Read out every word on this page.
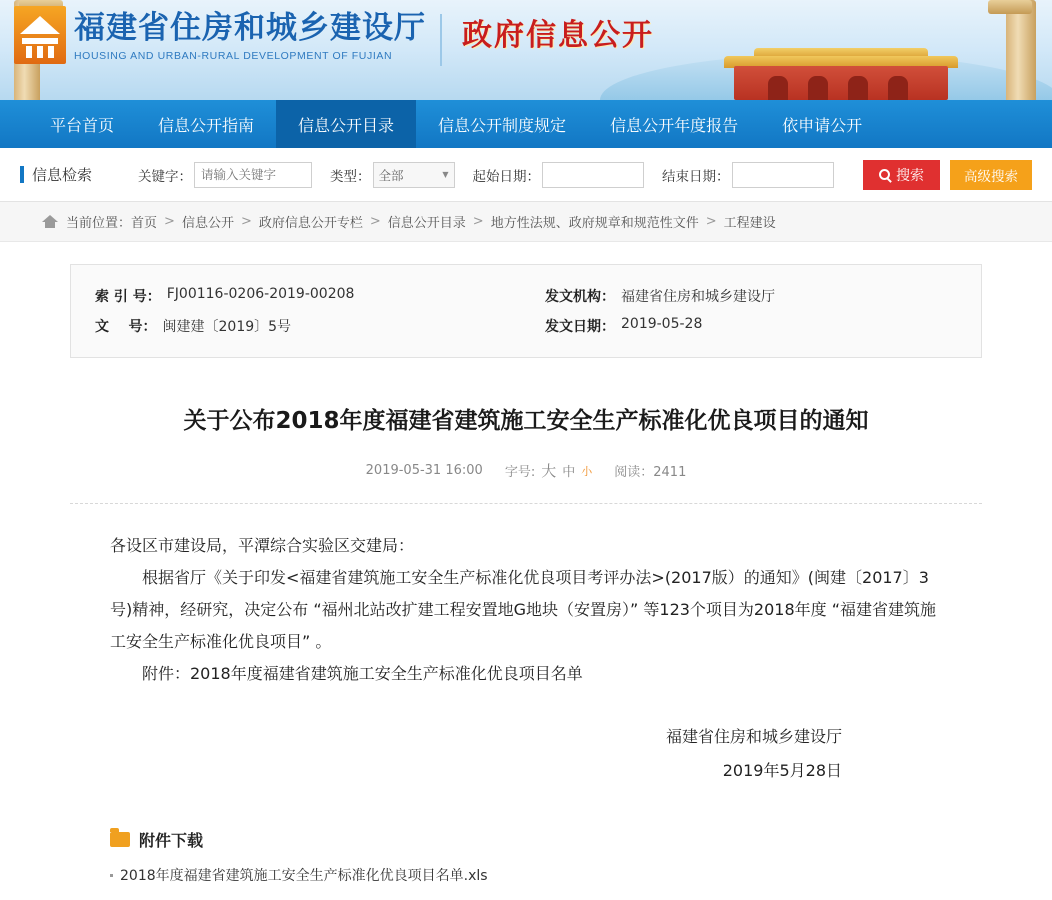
福建省住房和城乡建设厅
HOUSING AND URBAN-RURAL DEVELOPMENT OF FUJIAN
政府信息公开
平台首页	信息公开指南	信息公开目录	信息公开制度规定	信息公开年度报告	依申请公开
信息检索	关键字：
请输入关键字	类型： 全部	▼ 起始日期：	结束日期：	搜索	高级搜索
当前位置： 首页 > 信息公开 > 政府信息公开专栏 > 信息公开目录 > 地方性法规、政府规章和规范性文件 > 工程建设
索 引 号： FJ00116-0206-2019-00208	发文机构： 福建省住房和城乡建设厅
文    号： 闽建建〔2019〕5号	发文日期： 2019-05-28
关于公布2018年度福建省建筑施工安全生产标准化优良项目的通知
2019-05-31 16:00 字号: 大 中 小 阅读：2411

各设区市建设局，平潭综合实验区交建局：

根据省厅《关于印发<福建省建筑施工安全生产标准化优良项目考评办法>(2017版）的通知》(闽建〔2017〕3号)精神，经研究，决定公布 “福州北站改扩建工程安置地G地块（安置房）” 等123个项目为2018年度 “福建省建筑施工安全生产标准化优良项目” 。

附件：2018年度福建省建筑施工安全生产标准化优良项目名单

福建省住房和城乡建设厅
2019年5月28日
附件下载
2018年度福建省建筑施工安全生产标准化优良项目名单.xls
